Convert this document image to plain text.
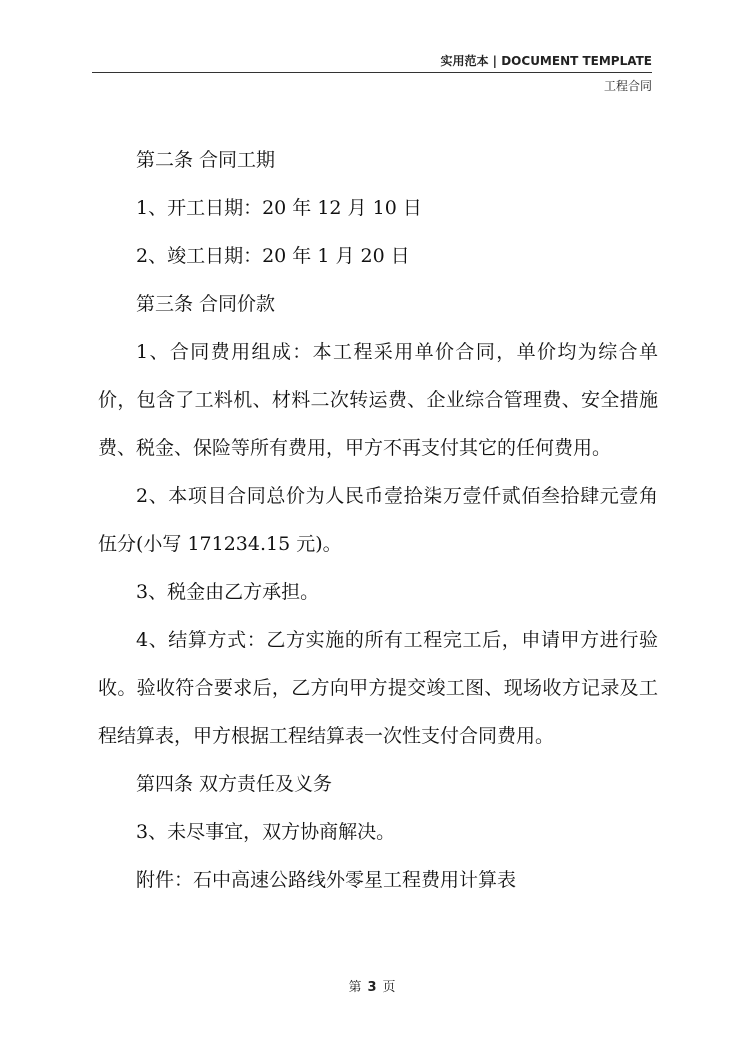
实用范本 | DOCUMENT TEMPLATE
工程合同

第二条 合同工期

1、开工日期：20 年 12 月 10 日

2、竣工日期：20 年 1 月 20 日

第三条 合同价款

1、合同费用组成：本工程采用单价合同，单价均为综合单价，包含了工料机、材料二次转运费、企业综合管理费、安全措施费、税金、保险等所有费用，甲方不再支付其它的任何费用。

2、本项目合同总价为人民币壹拾柒万壹仟贰佰叁拾肆元壹角伍分(小写 171234.15 元)。

3、税金由乙方承担。

4、结算方式：乙方实施的所有工程完工后，申请甲方进行验收。验收符合要求后，乙方向甲方提交竣工图、现场收方记录及工程结算表，甲方根据工程结算表一次性支付合同费用。

第四条 双方责任及义务

3、未尽事宜，双方协商解决。

附件：石中高速公路线外零星工程费用计算表

第 3 页
